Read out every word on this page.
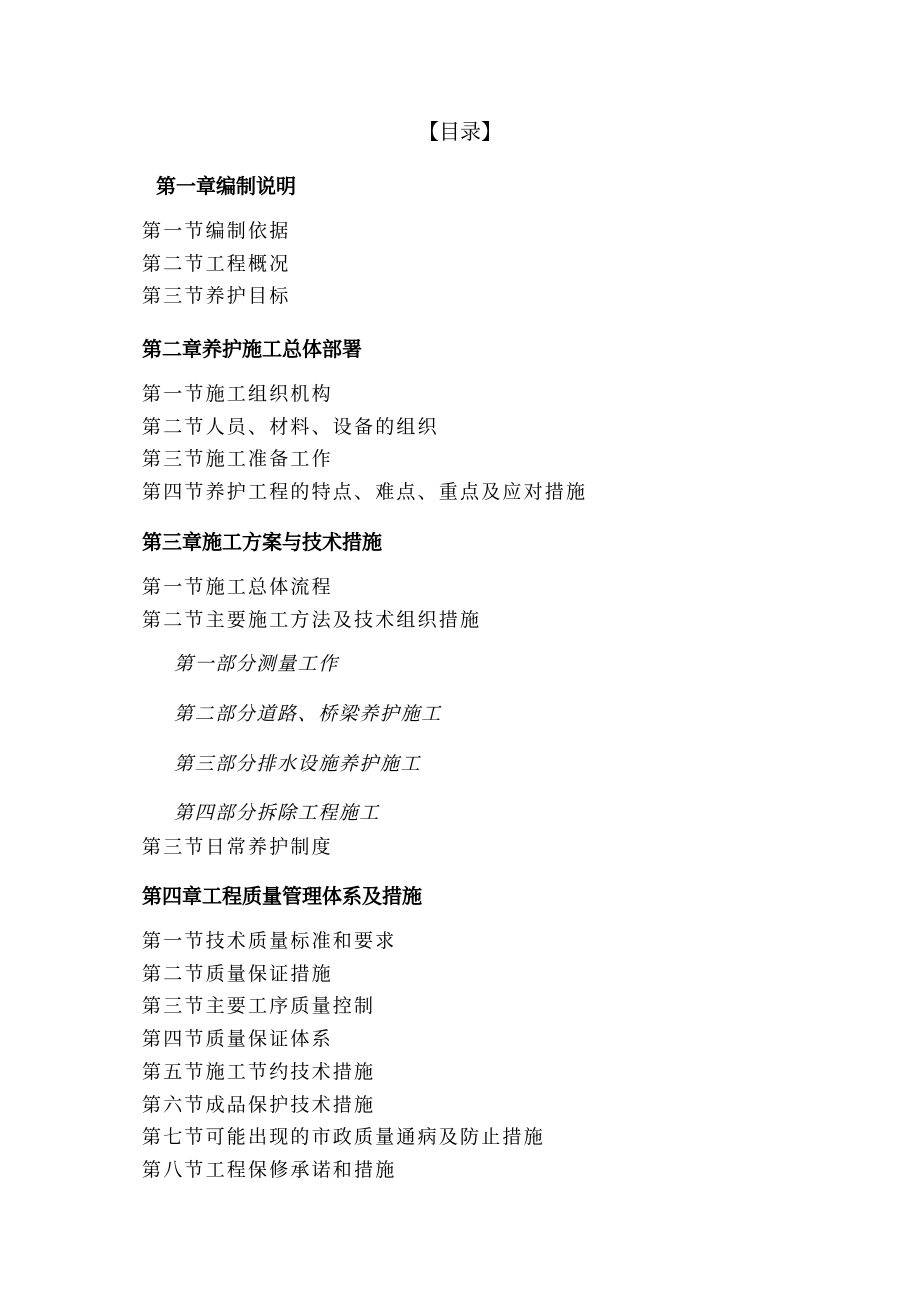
【目录】
第一章编制说明
第一节编制依据
第二节工程概况
第三节养护目标
第二章养护施工总体部署
第一节施工组织机构
第二节人员、材料、设备的组织
第三节施工准备工作
第四节养护工程的特点、难点、重点及应对措施
第三章施工方案与技术措施
第一节施工总体流程
第二节主要施工方法及技术组织措施
第一部分测量工作
第二部分道路、桥梁养护施工
第三部分排水设施养护施工
第四部分拆除工程施工
第三节日常养护制度
第四章工程质量管理体系及措施
第一节技术质量标准和要求
第二节质量保证措施
第三节主要工序质量控制
第四节质量保证体系
第五节施工节约技术措施
第六节成品保护技术措施
第七节可能出现的市政质量通病及防止措施
第八节工程保修承诺和措施
